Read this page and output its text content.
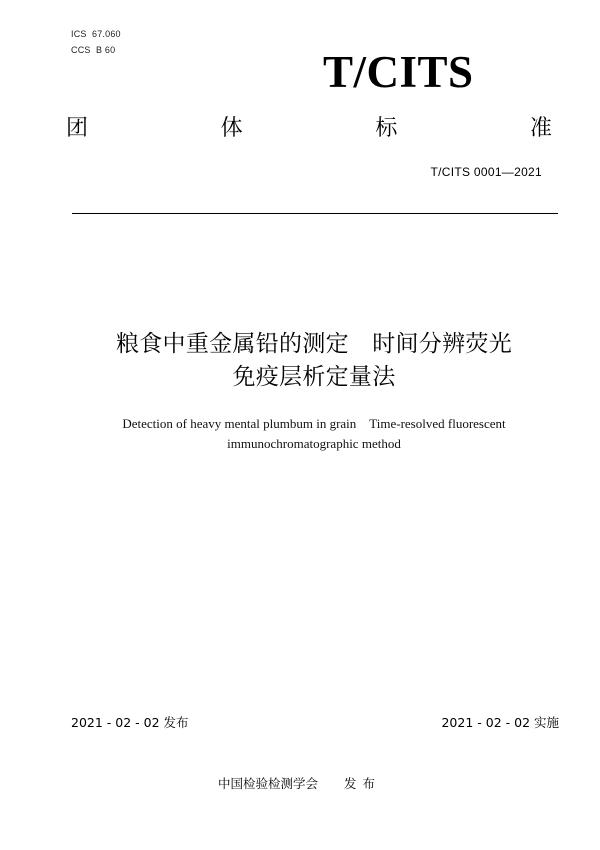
ICS  67.060
CCS  B 60	T/CITS
团	体	标	准
T/CITS 0001—2021
粮食中重金属铅的测定　时间分辨荧光
免疫层析定量法
Detection of heavy mental plumbum in grain　Time-resolved fluorescent
immunochromatographic method
2021 - 02 - 02 发布	2021 - 02 - 02 实施
中国检验检测学会 发布
